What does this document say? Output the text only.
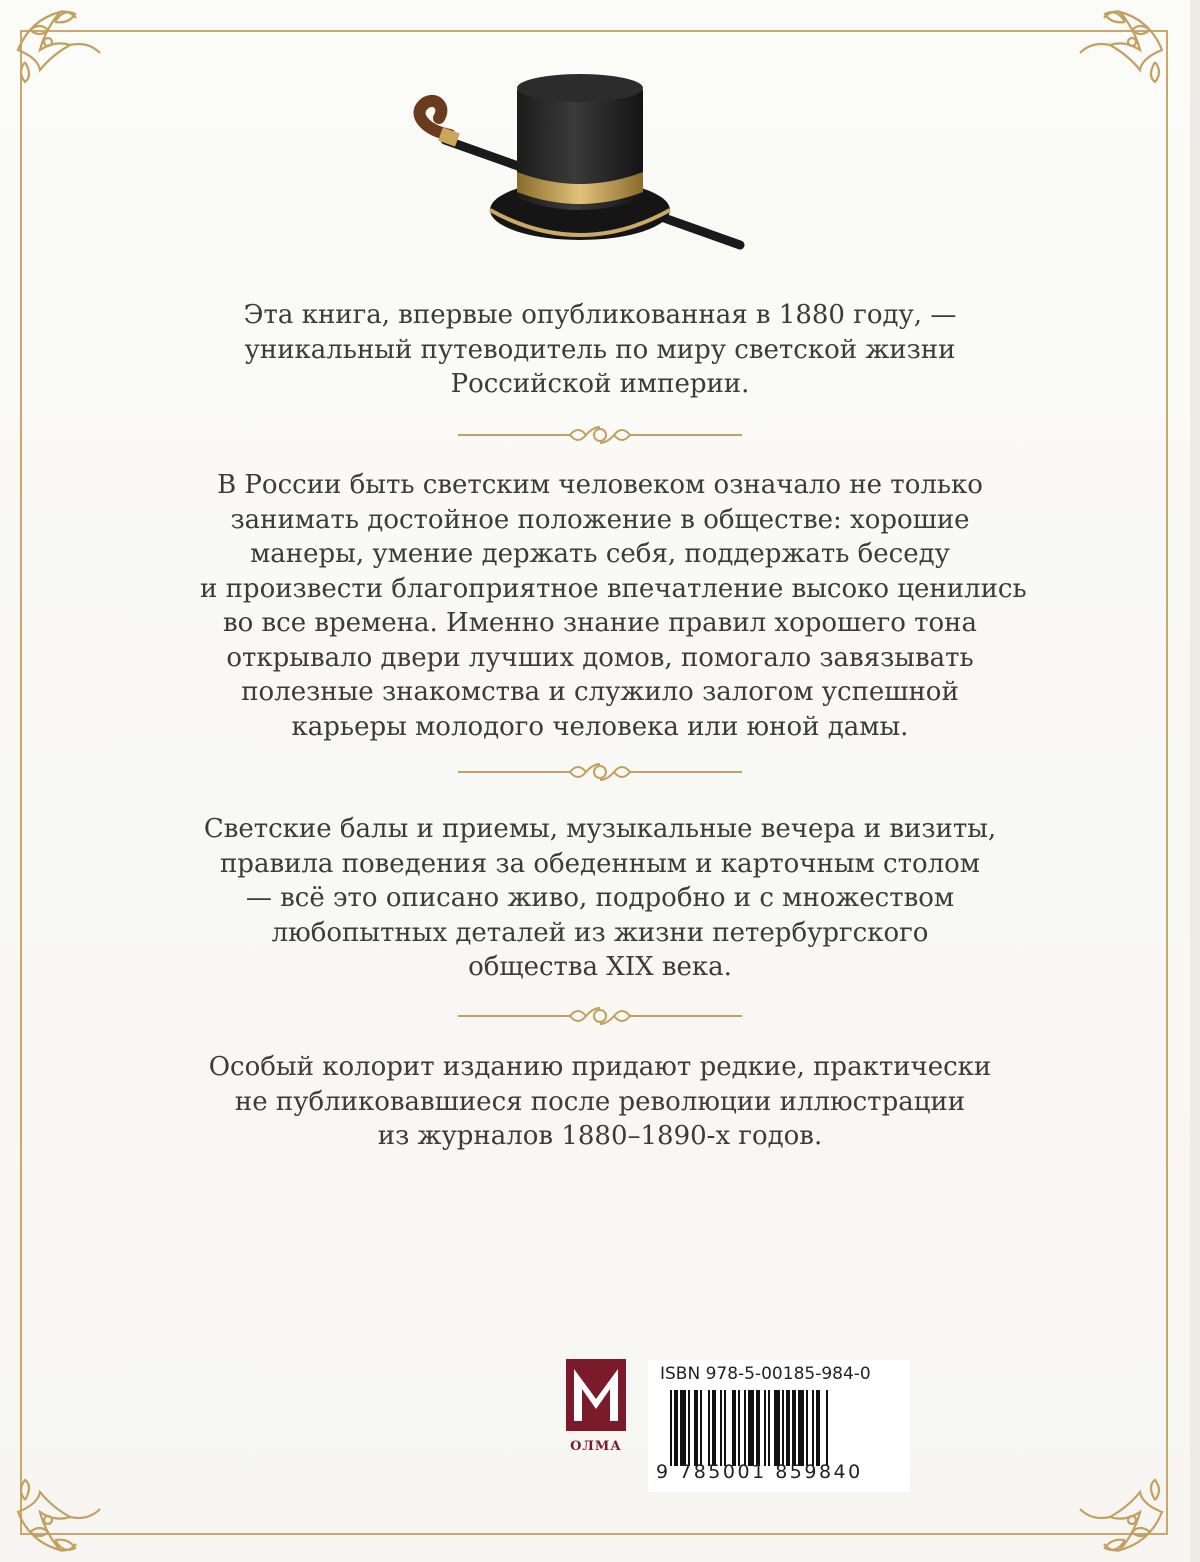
Эта книга, впервые опубликованная в 1880 году, —
уникальный путеводитель по миру светской жизни
Российской империи.

В России быть светским человеком означало не только
занимать достойное положение в обществе: хорошие
манеры, умение держать себя, поддержать беседу
и произвести благоприятное впечатление высоко ценились
во все времена. Именно знание правил хорошего тона
открывало двери лучших домов, помогало завязывать
полезные знакомства и служило залогом успешной
карьеры молодого человека или юной дамы.

Светские балы и приемы, музыкальные вечера и визиты,
правила поведения за обеденным и карточным столом
— всё это описано живо, подробно и с множеством
любопытных деталей из жизни петербургского
общества XIX века.

Особый колорит изданию придают редкие, практически
не публиковавшиеся после революции иллюстрации
из журналов 1880–1890-х годов.

ОЛМА
ISBN 978-5-00185-984-0
9 785001 859840
